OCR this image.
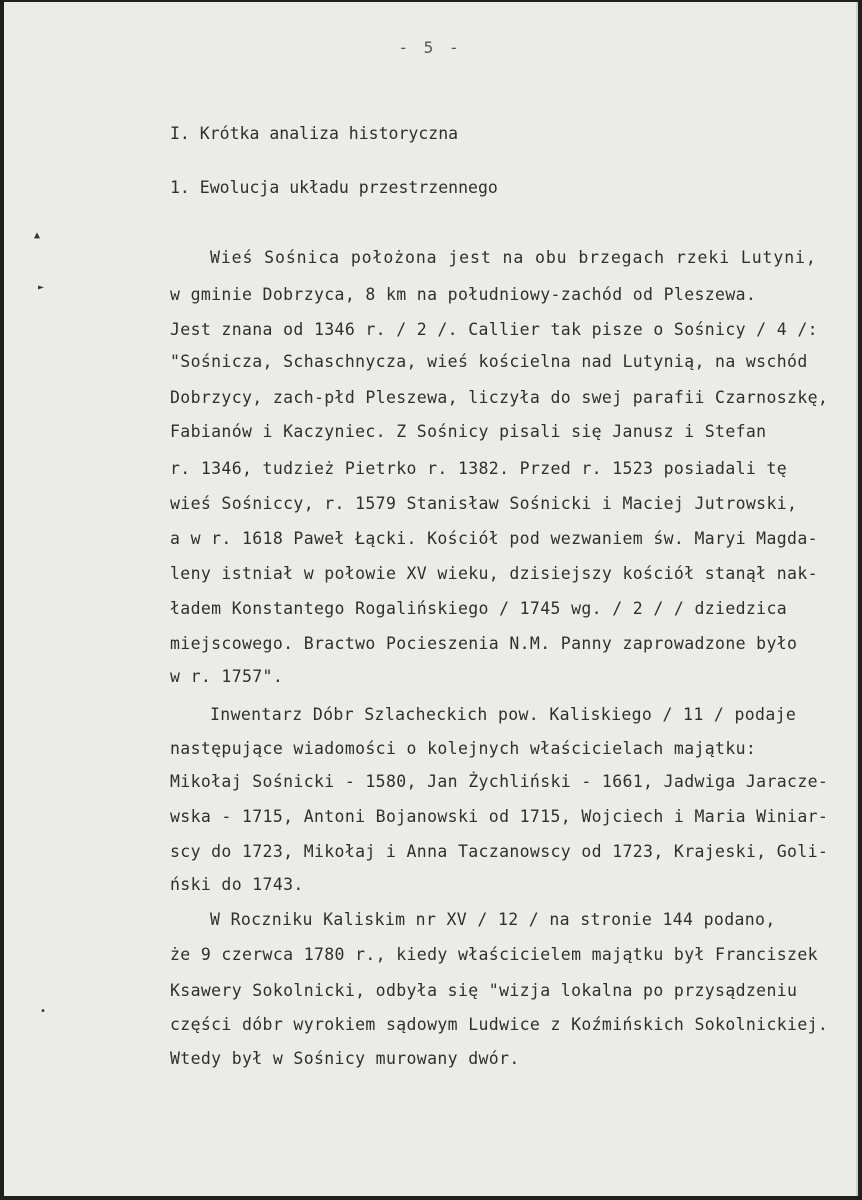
- 5 -
I. Krótka analiza historyczna
1. Ewolucja układu przestrzennego
Wieś Sośnica położona jest na obu brzegach rzeki Lutyni,
w gminie Dobrzyca, 8 km na południowy-zachód od Pleszewa.
Jest znana od 1346 r. / 2 /. Callier tak pisze o Sośnicy / 4 /:
"Sośnicza, Schaschnycza, wieś kościelna nad Lutynią, na wschód
Dobrzycy, zach-płd Pleszewa, liczyła do swej parafii Czarnoszkę,
Fabianów i Kaczyniec. Z Sośnicy pisali się Janusz i Stefan
r. 1346, tudzież Pietrko r. 1382. Przed r. 1523 posiadali tę
wieś Sośniccy, r. 1579 Stanisław Sośnicki i Maciej Jutrowski,
a w r. 1618 Paweł Łącki. Kościół pod wezwaniem św. Maryi Magda-
leny istniał w połowie XV wieku, dzisiejszy kościół stanął nak-
ładem Konstantego Rogalińskiego / 1745 wg. / 2 / / dziedzica
miejscowego. Bractwo Pocieszenia N.M. Panny zaprowadzone było
w r. 1757".
Inwentarz Dóbr Szlacheckich pow. Kaliskiego / 11 / podaje
następujące wiadomości o kolejnych właścicielach majątku:
Mikołaj Sośnicki - 1580, Jan Żychliński - 1661, Jadwiga Jaracze-
wska - 1715, Antoni Bojanowski od 1715, Wojciech i Maria Winiar-
scy do 1723, Mikołaj i Anna Taczanowscy od 1723, Krajeski, Goli-
ński do 1743.
W Roczniku Kaliskim nr XV / 12 / na stronie 144 podano,
że 9 czerwca 1780 r., kiedy właścicielem majątku był Franciszek
Ksawery Sokolnicki, odbyła się "wizja lokalna po przysądzeniu
części dóbr wyrokiem sądowym Ludwice z Koźmińskich Sokolnickiej.
Wtedy był w Sośnicy murowany dwór.
▲
►
•
